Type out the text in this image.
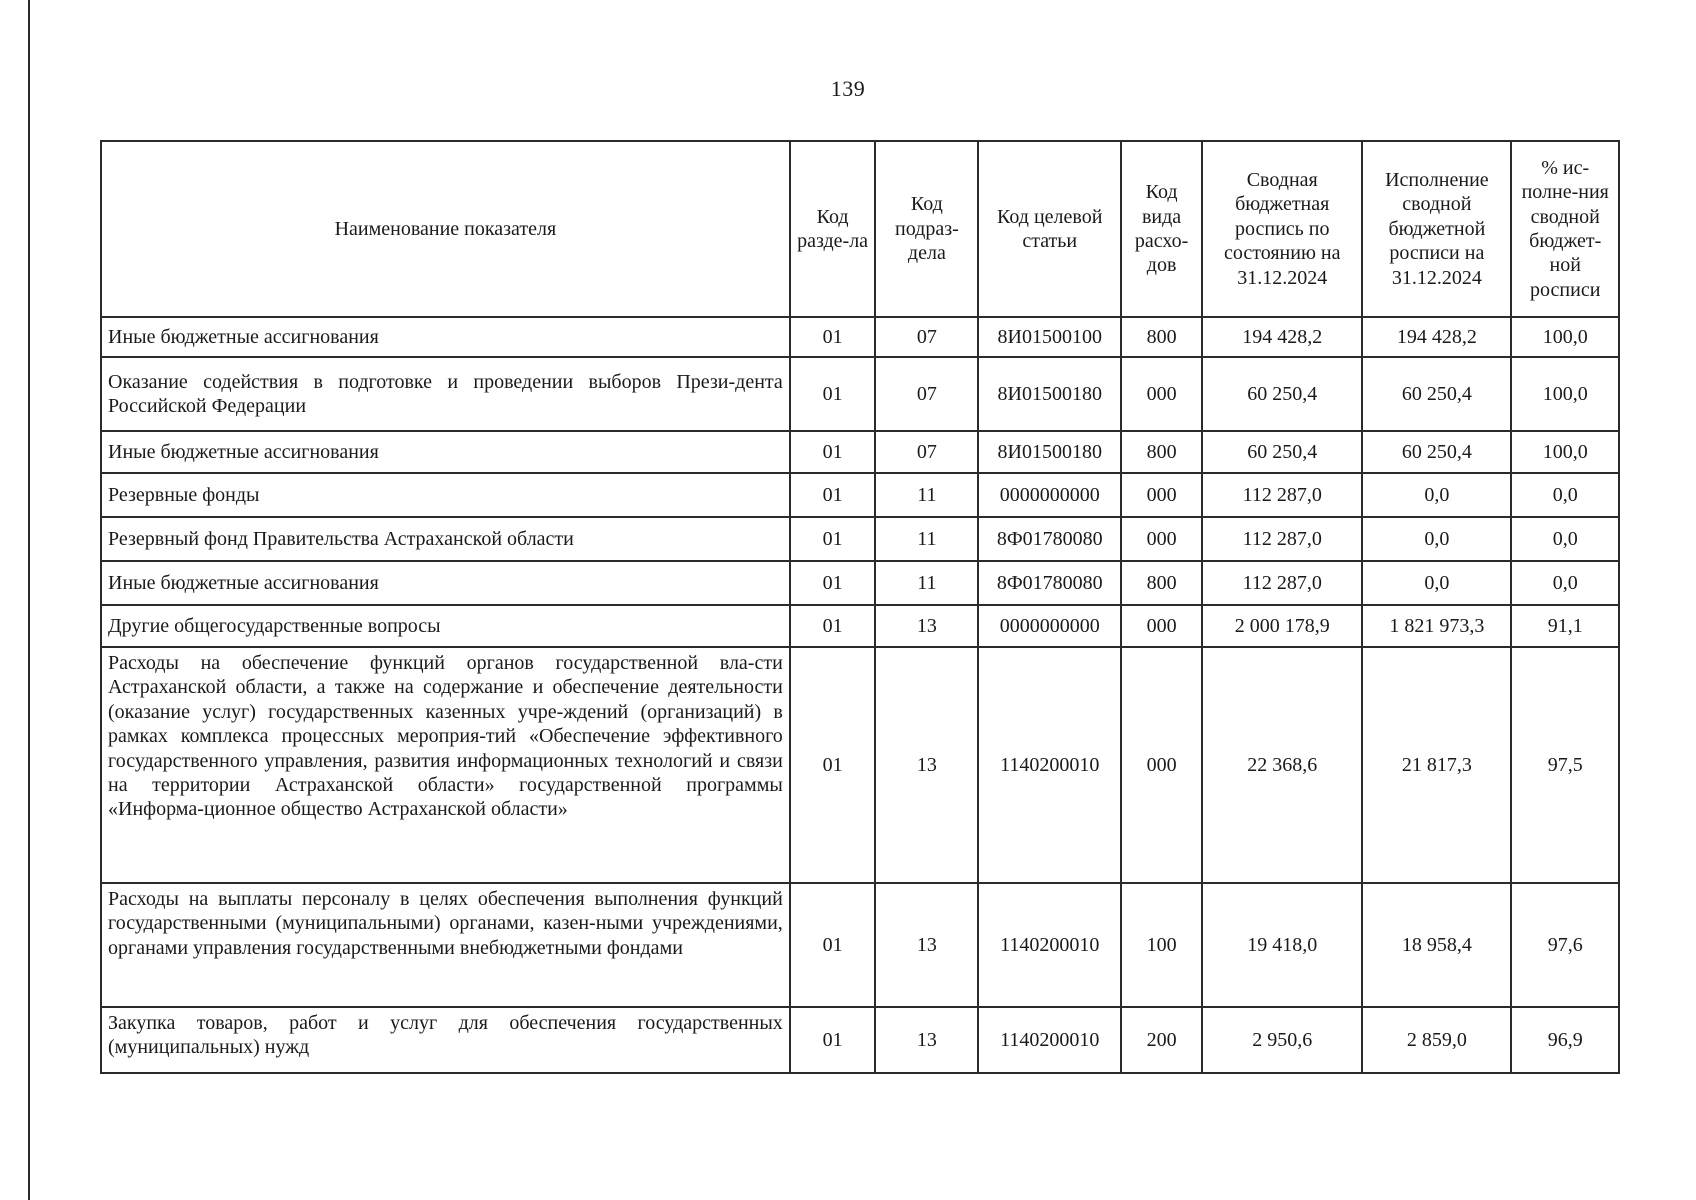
139
Наименование показателя	Код разде-ла	Код подраз-дела	Код целевой статьи	Код вида расхо-дов	Сводная бюджетная роспись по состоянию на 31.12.2024	Исполнение сводной бюджетной росписи на 31.12.2024	% ис-полне-ния сводной бюджет-ной росписи
Иные бюджетные ассигнования	01	07	8И01500100	800	194 428,2	194 428,2	100,0
Оказание содействия в подготовке и проведении выборов Прези-дента Российской Федерации	01	07	8И01500180	000	60 250,4	60 250,4	100,0
Иные бюджетные ассигнования	01	07	8И01500180	800	60 250,4	60 250,4	100,0
Резервные фонды	01	11	0000000000	000	112 287,0	0,0	0,0
Резервный фонд Правительства Астраханской области	01	11	8Ф01780080	000	112 287,0	0,0	0,0
Иные бюджетные ассигнования	01	11	8Ф01780080	800	112 287,0	0,0	0,0
Другие общегосударственные вопросы	01	13	0000000000	000	2 000 178,9	1 821 973,3	91,1
Расходы на обеспечение функций органов государственной вла-сти Астраханской области, а также на содержание и обеспечение деятельности (оказание услуг) государственных казенных учре-ждений (организаций) в рамках комплекса процессных мероприя-тий «Обеспечение эффективного государственного управления, развития информационных технологий и связи на территории Астраханской области» государственной программы «Информа-ционное общество Астраханской области»	01	13	1140200010	000	22 368,6	21 817,3	97,5
Расходы на выплаты персоналу в целях обеспечения выполнения функций государственными (муниципальными) органами, казен-ными учреждениями, органами управления государственными внебюджетными фондами	01	13	1140200010	100	19 418,0	18 958,4	97,6
Закупка товаров, работ и услуг для обеспечения государственных (муниципальных) нужд	01	13	1140200010	200	2 950,6	2 859,0	96,9
